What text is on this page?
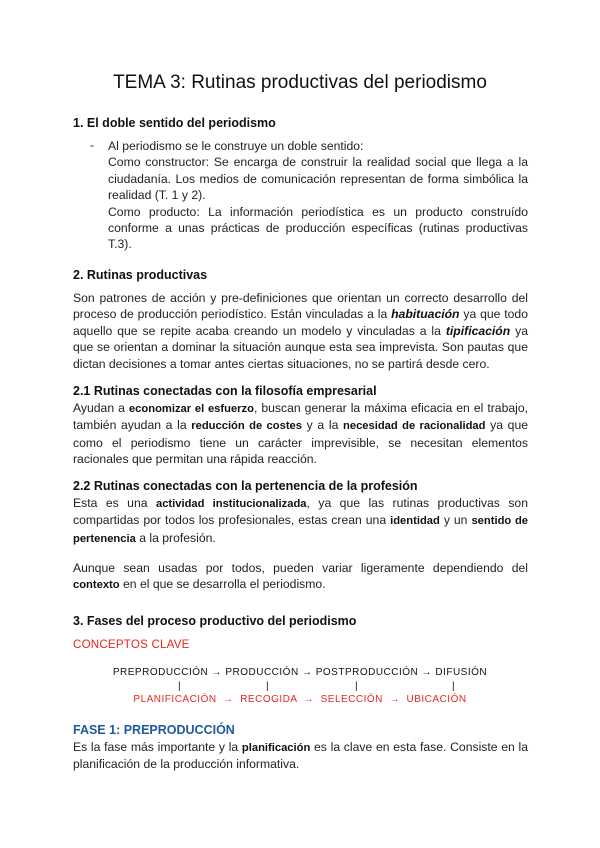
TEMA 3: Rutinas productivas del periodismo
1. El doble sentido del periodismo
- Al periodismo se le construye un doble sentido:
Como constructor: Se encarga de construir la realidad social que llega a la ciudadanía. Los medios de comunicación representan de forma simbólica la realidad (T. 1 y 2).
Como producto: La información periodística es un producto construído conforme a unas prácticas de producción específicas (rutinas productivas T.3).
2. Rutinas productivas
Son patrones de acción y pre-definiciones que orientan un correcto desarrollo del proceso de producción periodístico. Están vinculadas a la habituación ya que todo aquello que se repite acaba creando un modelo y vinculadas a la tipificación ya que se orientan a dominar la situación aunque esta sea imprevista. Son pautas que dictan decisiones a tomar antes ciertas situaciones, no se partirá desde cero.
2.1 Rutinas conectadas con la filosofía empresarial
Ayudan a economizar el esfuerzo, buscan generar la máxima eficacia en el trabajo, también ayudan a la reducción de costes y a la necesidad de racionalidad ya que como el periodismo tiene un carácter imprevisible, se necesitan elementos racionales que permitan una rápida reacción.
2.2 Rutinas conectadas con la pertenencia de la profesión
Esta es una actividad institucionalizada, ya que las rutinas productivas son compartidas por todos los profesionales, estas crean una identidad y un sentido de pertenencia a la profesión.
Aunque sean usadas por todos, pueden variar ligeramente dependiendo del contexto en el que se desarrolla el periodismo.
3. Fases del proceso productivo del periodismo
CONCEPTOS CLAVE
PREPRODUCCIÓN → PRODUCCIÓN → POSTPRODUCCIÓN → DIFUSIÓN
|	|	|	|
PLANIFICACIÓN  →  RECOGIDA  →  SELECCIÓN  →  UBICACIÓN
FASE 1: PREPRODUCCIÓN
Es la fase más importante y la planificación es la clave en esta fase. Consiste en la planificación de la producción informativa.
